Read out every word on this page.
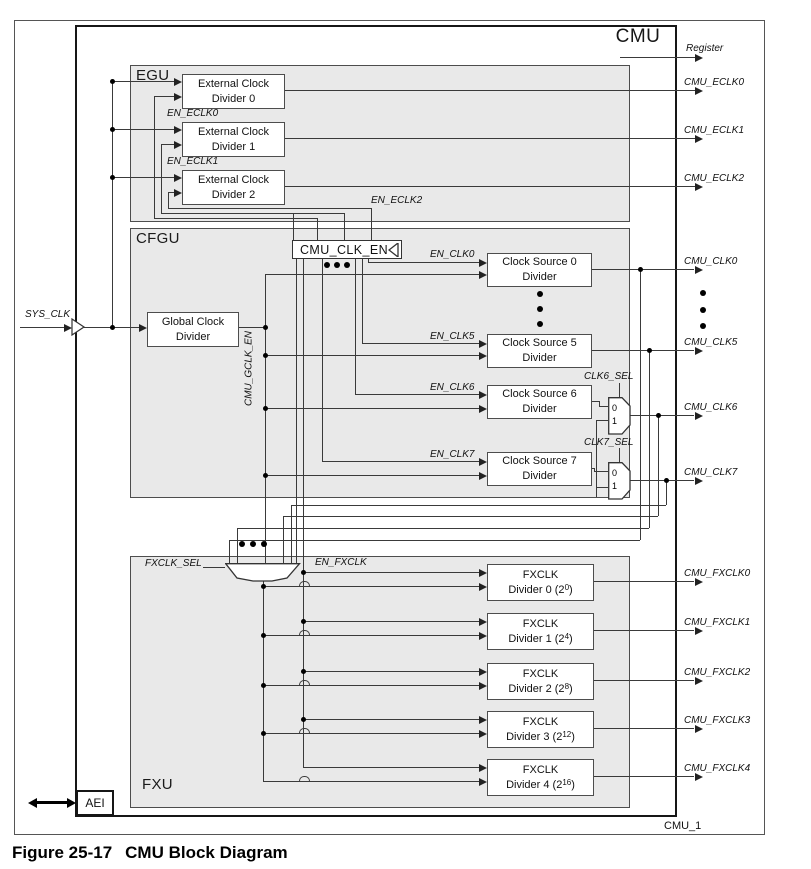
CMU
CMU_1
EGU
CFGU
FXU
External Clock
Divider 0
External Clock
Divider 1
External Clock
Divider 2
EN_ECLK0
EN_ECLK1
EN_ECLK2
CMU_CLK_EN
Global Clock
Divider	CMU_GCLK_EN
Clock Source 0
Divider
Clock Source 5
Divider
Clock Source 6
Divider
Clock Source 7
Divider
EN_CLK0
EN_CLK5
EN_CLK6
EN_CLK7
CLK6_SEL
CLK7_SEL
0
1
0
1
FXCLK_SEL	EN_FXCLK
FXCLK
Divider 0 $(2^0)$
FXCLK
Divider 1 $(2^4)$
FXCLK
Divider 2 $(2^8)$
FXCLK
Divider 3 $(2^{12})$
FXCLK
Divider 4 $(2^{16})$
SYS_CLK
AEI
Register
CMU_ECLK0
CMU_ECLK1
CMU_ECLK2
CMU_CLK0
CMU_CLK5
CMU_CLK6
CMU_CLK7
CMU_FXCLK0
CMU_FXCLK1
CMU_FXCLK2
CMU_FXCLK3
CMU_FXCLK4
Figure 25-17 CMU Block Diagram
